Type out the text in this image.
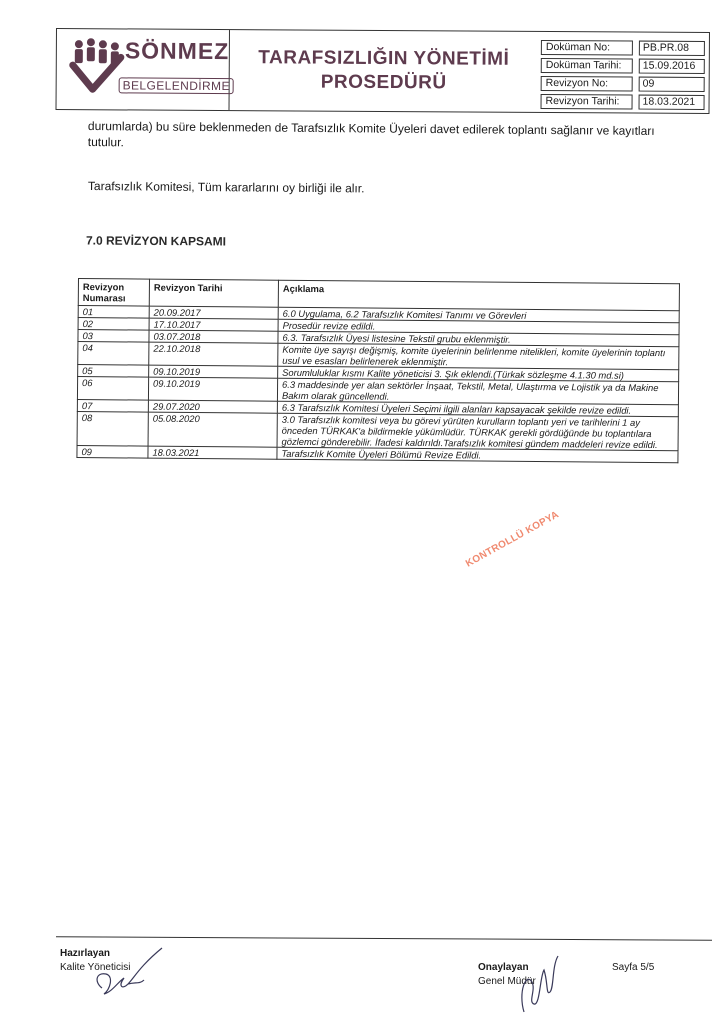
SÖNMEZ
BELGELENDİRME
TARAFSIZLIĞIN YÖNETİMİ
PROSEDÜRÜ
Doküman No:	PB.PR.08
Doküman Tarihi:	15.09.2016
Revizyon No:	09
Revizyon Tarihi:	18.03.2021
durumlarda) bu süre beklenmeden de Tarafsızlık Komite Üyeleri davet edilerek toplantı sağlanır ve kayıtları
tutulur.
Tarafsızlık Komitesi, Tüm kararlarını oy birliği ile alır.
7.0 REVİZYON KAPSAMI
Revizyon Numarası	Revizyon Tarihi	Açıklama
01	20.09.2017	6.0 Uygulama, 6.2 Tarafsızlık Komitesi Tanımı ve Görevleri
02	17.10.2017	Prosedür revize edildi.
03	03.07.2018	6.3. Tarafsızlık Üyesi listesine Tekstil grubu eklenmiştir.
04	22.10.2018	Komite üye sayışı değişmiş, komite üyelerinin belirlenme nitelikleri, komite üyelerinin toplantı usul ve esasları belirlenerek eklenmiştir.
05	09.10.2019	Sorumluluklar kısmı Kalite yöneticisi 3. Şık eklendi.(Türkak sözleşme 4.1.30 md.si)
06	09.10.2019	6.3 maddesinde yer alan sektörler İnşaat, Tekstil, Metal, Ulaştırma ve Lojistik ya da Makine Bakım olarak güncellendi.
07	29.07.2020	6.3 Tarafsızlık Komitesi Üyeleri Seçimi ilgili alanları kapsayacak şekilde revize edildi.
08	05.08.2020	3.0 Tarafsızlık komitesi veya bu görevi yürüten kurulların toplantı yeri ve tarihlerini 1 ay önceden TÜRKAK'a bildirmekle yükümlüdür. TÜRKAK gerekli gördüğünde bu toplantılara gözlemci gönderebilir. İfadesi kaldırıldı.Tarafsızlık komitesi gündem maddeleri revize edildi.
09	18.03.2021	Tarafsızlık Komite Üyeleri Bölümü Revize Edildi.
KONTROLLÜ KOPYA
Hazırlayan
Kalite Yöneticisi	Onaylayan
Genel Müdür
Sayfa 5/5
